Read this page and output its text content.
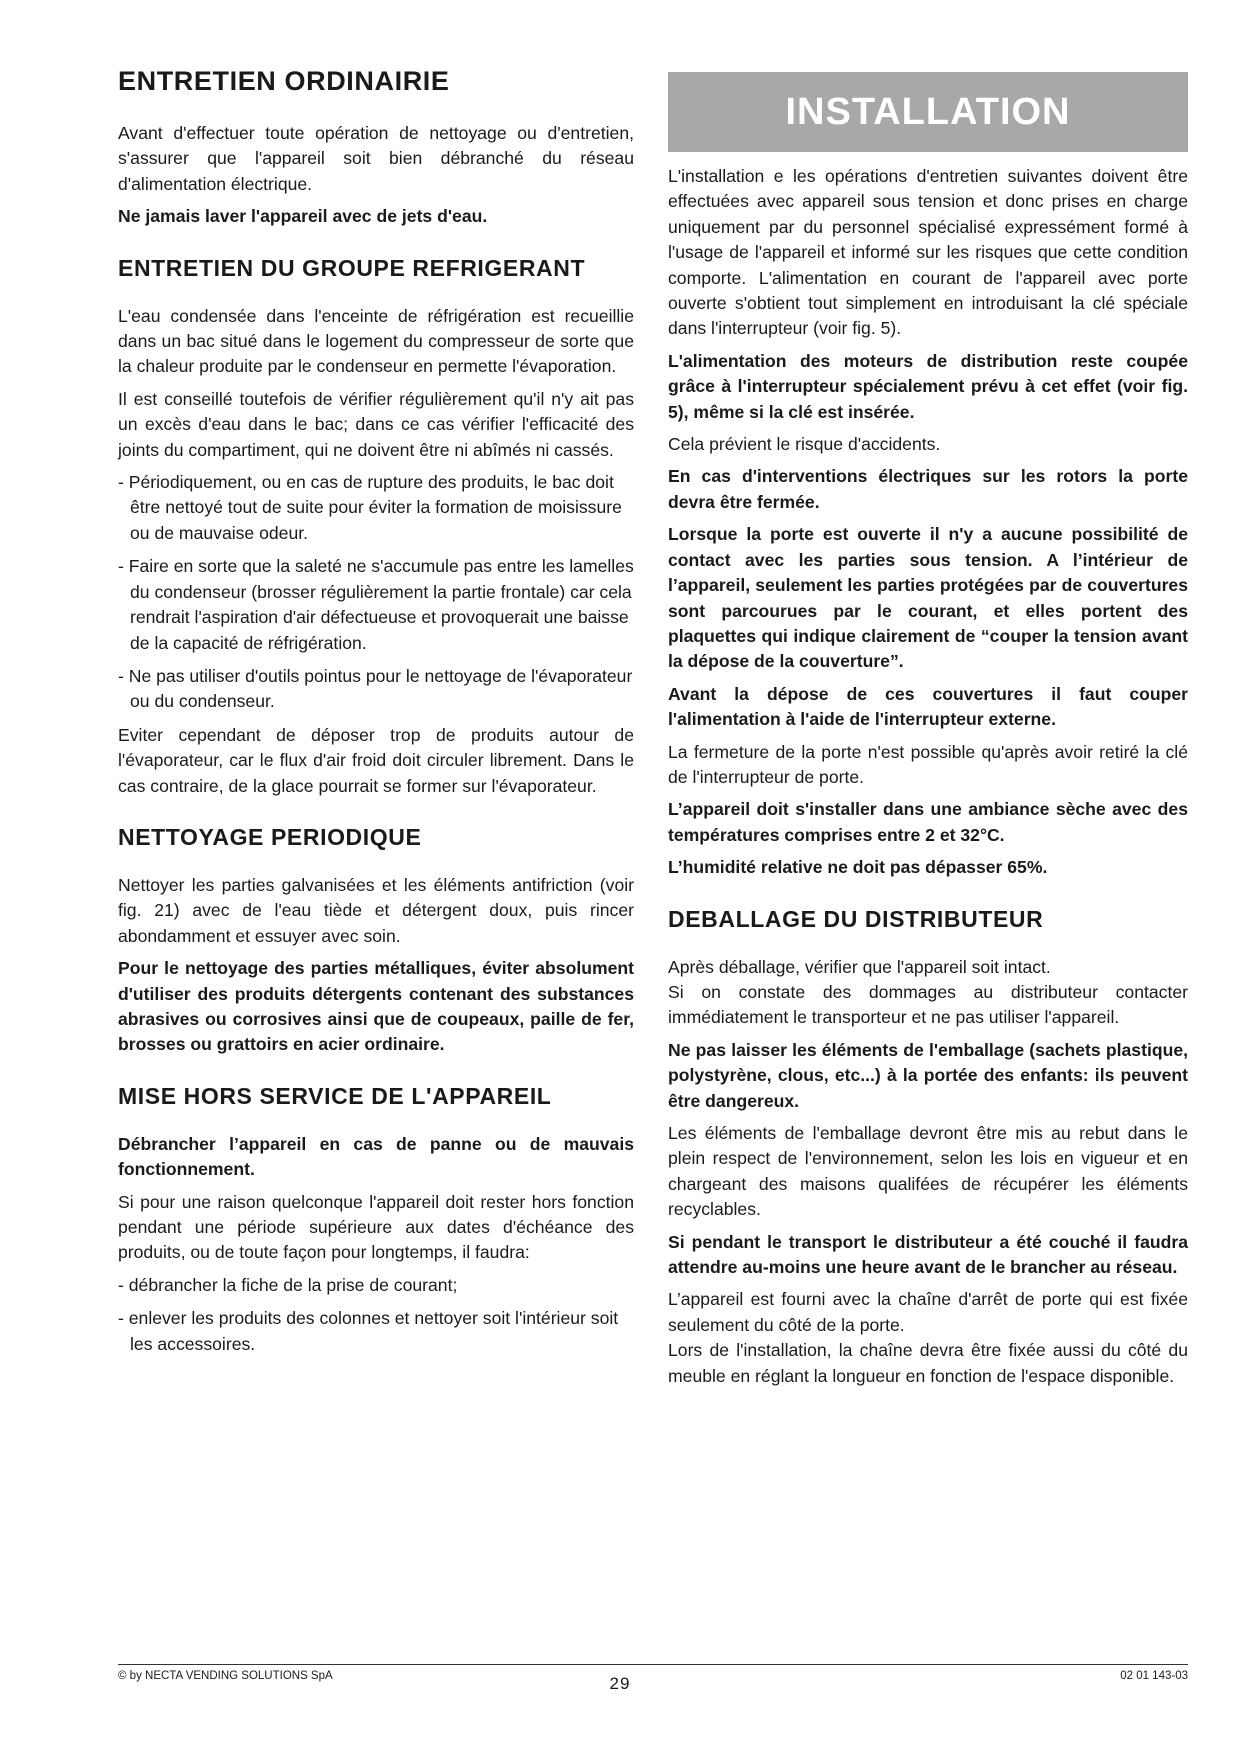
ENTRETIEN ORDINAIRIE

Avant d'effectuer toute opération de nettoyage ou d'entretien, s'assurer que l'appareil soit bien débranché du réseau d'alimentation électrique.

Ne jamais laver l'appareil avec de jets d'eau.

ENTRETIEN DU GROUPE REFRIGERANT

L'eau condensée dans l'enceinte de réfrigération est recueillie dans un bac situé dans le logement du compresseur de sorte que la chaleur produite par le condenseur en permette l'évaporation.

Il est conseillé toutefois de vérifier régulièrement qu'il n'y ait pas un excès d'eau dans le bac; dans ce cas vérifier l'efficacité des joints du compartiment, qui ne doivent être ni abîmés ni cassés.

- Périodiquement, ou en cas de rupture des produits, le bac doit être nettoyé tout de suite pour éviter la formation de moisissure ou de mauvaise odeur.
- Faire en sorte que la saleté ne s'accumule pas entre les lamelles du condenseur (brosser régulièrement la partie frontale) car cela rendrait l'aspiration d'air défectueuse et provoquerait une baisse de la capacité de réfrigération.
- Ne pas utiliser d'outils pointus pour le nettoyage de l'évaporateur ou du condenseur.

Eviter cependant de déposer trop de produits autour de l'évaporateur, car le flux d'air froid doit circuler librement. Dans le cas contraire, de la glace pourrait se former sur l'évaporateur.

NETTOYAGE PERIODIQUE

Nettoyer les parties galvanisées et les éléments antifriction (voir fig. 21) avec de l'eau tiède et détergent doux, puis rincer abondamment et essuyer avec soin.

Pour le nettoyage des parties métalliques, éviter absolument d'utiliser des produits détergents contenant des substances abrasives ou corrosives ainsi que de coupeaux, paille de fer, brosses ou grattoirs en acier ordinaire.

MISE HORS SERVICE DE L'APPAREIL

Débrancher l’appareil en cas de panne ou de mauvais fonctionnement.

Si pour une raison quelconque l'appareil doit rester hors fonction pendant une période supérieure aux dates d'échéance des produits, ou de toute façon pour longtemps, il faudra:

- débrancher la fiche de la prise de courant;
- enlever les produits des colonnes et nettoyer soit l'intérieur soit les accessoires.
INSTALLATION

L'installation e les opérations d'entretien suivantes doivent être effectuées avec appareil sous tension et donc prises en charge uniquement par du personnel spécialisé expressément formé à l'usage de l'appareil et informé sur les risques que cette condition comporte. L'alimentation en courant de l'appareil avec porte ouverte s'obtient tout simplement en introduisant la clé spéciale dans l'interrupteur (voir fig. 5).

L'alimentation des moteurs de distribution reste coupée grâce à l'interrupteur spécialement prévu à cet effet (voir fig. 5), même si la clé est insérée.

Cela prévient le risque d'accidents.

En cas d'interventions électriques sur les rotors la porte devra être fermée.

Lorsque la porte est ouverte il n'y a aucune possibilité de contact avec les parties sous tension. A l’intérieur de l’appareil, seulement les parties protégées par de couvertures sont parcourues par le courant, et elles portent des plaquettes qui indique clairement de “couper la tension avant la dépose de la couverture”.

Avant la dépose de ces couvertures il faut couper l'alimentation à l'aide de l'interrupteur externe.

La fermeture de la porte n'est possible qu'après avoir retiré la clé de l'interrupteur de porte.

L’appareil doit s'installer dans une ambiance sèche avec des températures comprises entre 2 et 32°C.

L’humidité relative ne doit pas dépasser 65%.

DEBALLAGE DU DISTRIBUTEUR

Après déballage, vérifier que l'appareil soit intact.

Si on constate des dommages au distributeur contacter immédiatement le transporteur et ne pas utiliser l'appareil.

Ne pas laisser les éléments de l'emballage (sachets plastique, polystyrène, clous, etc...) à la portée des enfants: ils peuvent être dangereux.

Les éléments de l'emballage devront être mis au rebut dans le plein respect de l'environnement, selon les lois en vigueur et en chargeant des maisons qualifées de récupérer les éléments recyclables.

Si pendant le transport le distributeur a été couché il faudra attendre au-moins une heure avant de le brancher au réseau.

L’appareil est fourni avec la chaîne d'arrêt de porte qui est fixée seulement du côté de la porte.

Lors de l'installation, la chaîne devra être fixée aussi du côté du meuble en réglant la longueur en fonction de l'espace disponible.

© by NECTA VENDING SOLUTIONS SpA	29	02 01 143-03
